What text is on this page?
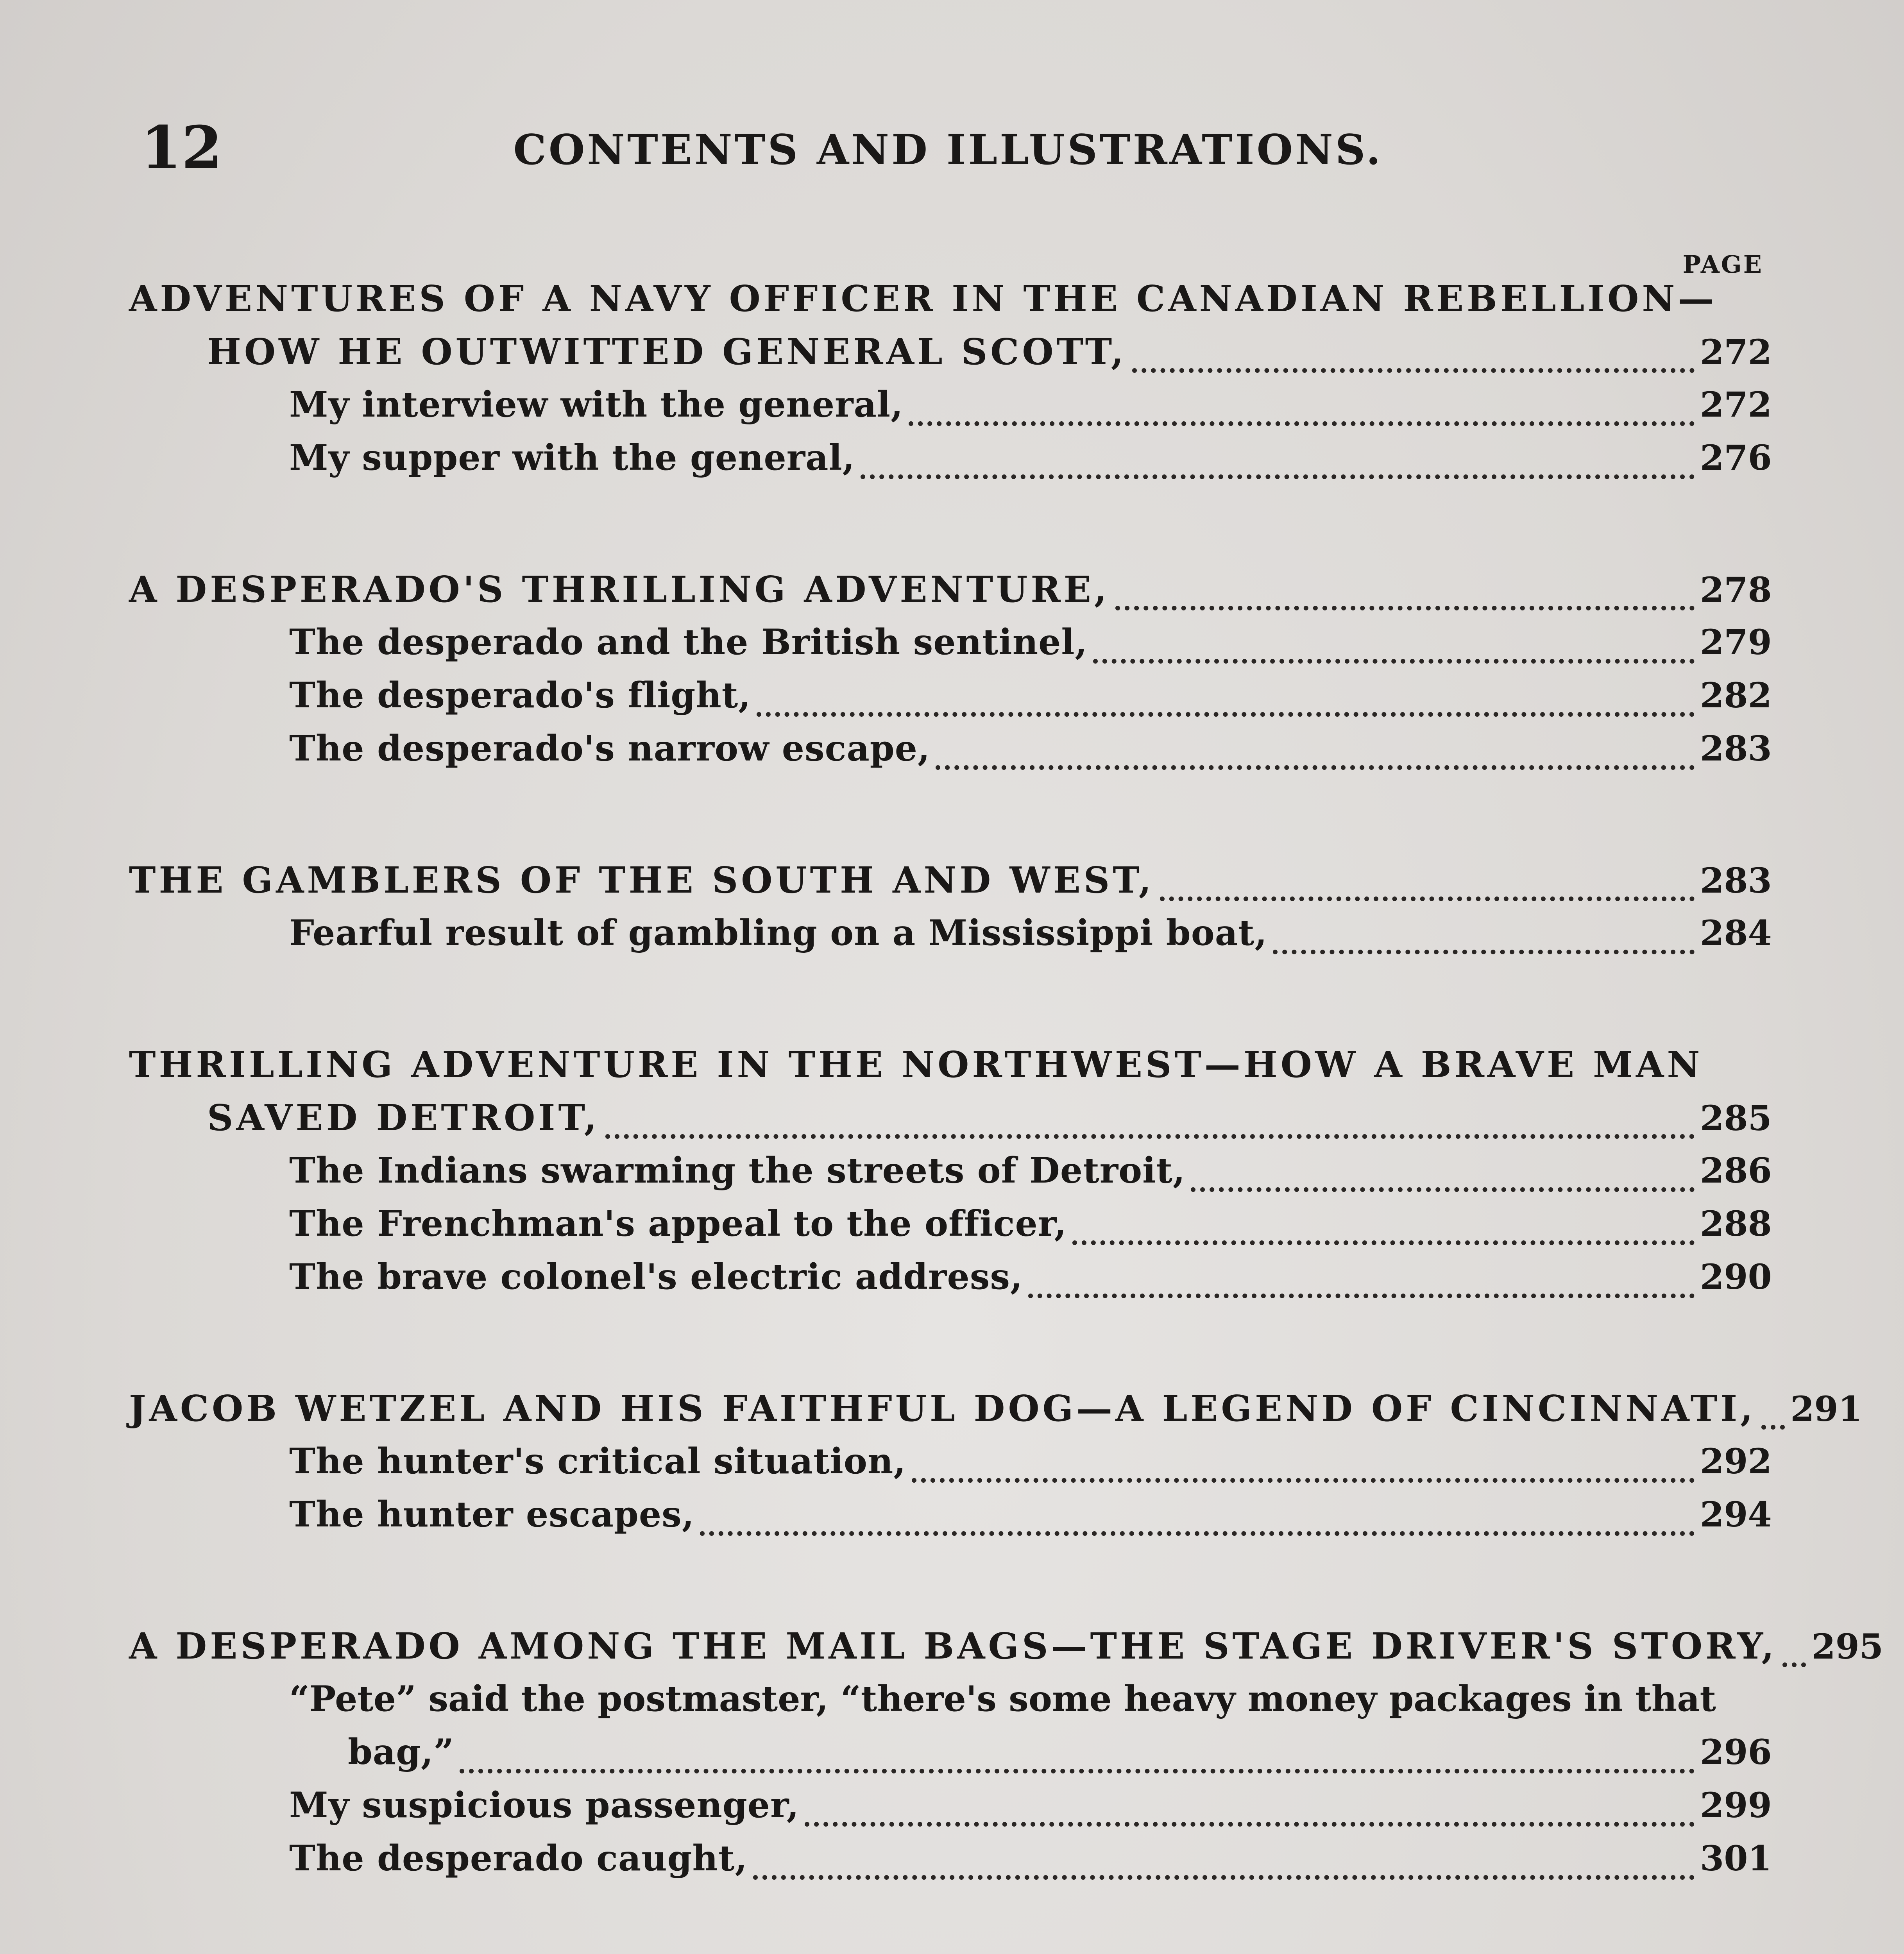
12	CONTENTS AND ILLUSTRATIONS.
PAGE
ADVENTURES OF A NAVY OFFICER IN THE CANADIAN REBELLION—
HOW HE OUTWITTED GENERAL SCOTT,	272
My interview with the general,	272
My supper with the general,	276
A DESPERADO'S THRILLING ADVENTURE,	278
The desperado and the British sentinel,	279
The desperado's flight,	282
The desperado's narrow escape,	283
THE GAMBLERS OF THE SOUTH AND WEST,	283
Fearful result of gambling on a Mississippi boat,	284
THRILLING ADVENTURE IN THE NORTHWEST—HOW A BRAVE MAN
SAVED DETROIT,	285
The Indians swarming the streets of Detroit,	286
The Frenchman's appeal to the officer,	288
The brave colonel's electric address,	290
JACOB WETZEL AND HIS FAITHFUL DOG—A LEGEND OF CINCINNATI, 291
The hunter's critical situation,	292
The hunter escapes,	294
A DESPERADO AMONG THE MAIL BAGS—THE STAGE DRIVER'S STORY, 295
“Pete” said the postmaster, “there's some heavy money packages in that
bag,”	296
My suspicious passenger,	299
The desperado caught,	301
